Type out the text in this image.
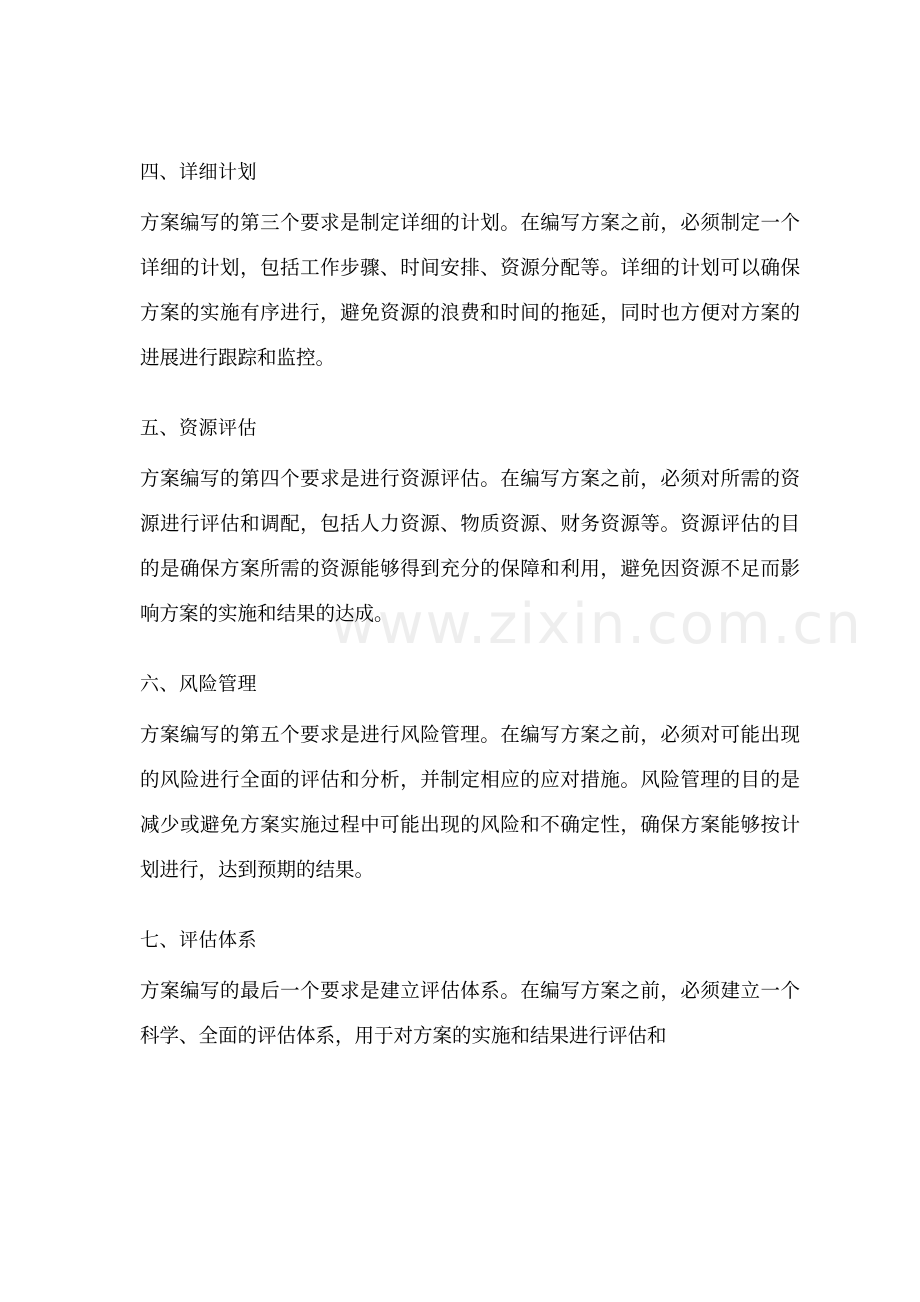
四、详细计划

方案编写的第三个要求是制定详细的计划。在编写方案之前，必须制定一个详细的计划，包括工作步骤、时间安排、资源分配等。详细的计划可以确保方案的实施有序进行，避免资源的浪费和时间的拖延，同时也方便对方案的进展进行跟踪和监控。

五、资源评估

方案编写的第四个要求是进行资源评估。在编写方案之前，必须对所需的资源进行评估和调配，包括人力资源、物质资源、财务资源等。资源评估的目的是确保方案所需的资源能够得到充分的保障和利用，避免因资源不足而影响方案的实施和结果的达成。

六、风险管理

方案编写的第五个要求是进行风险管理。在编写方案之前，必须对可能出现的风险进行全面的评估和分析，并制定相应的应对措施。风险管理的目的是减少或避免方案实施过程中可能出现的风险和不确定性，确保方案能够按计划进行，达到预期的结果。

七、评估体系

方案编写的最后一个要求是建立评估体系。在编写方案之前，必须建立一个科学、全面的评估体系，用于对方案的实施和结果进行评估和

www.zixin.com.cn
